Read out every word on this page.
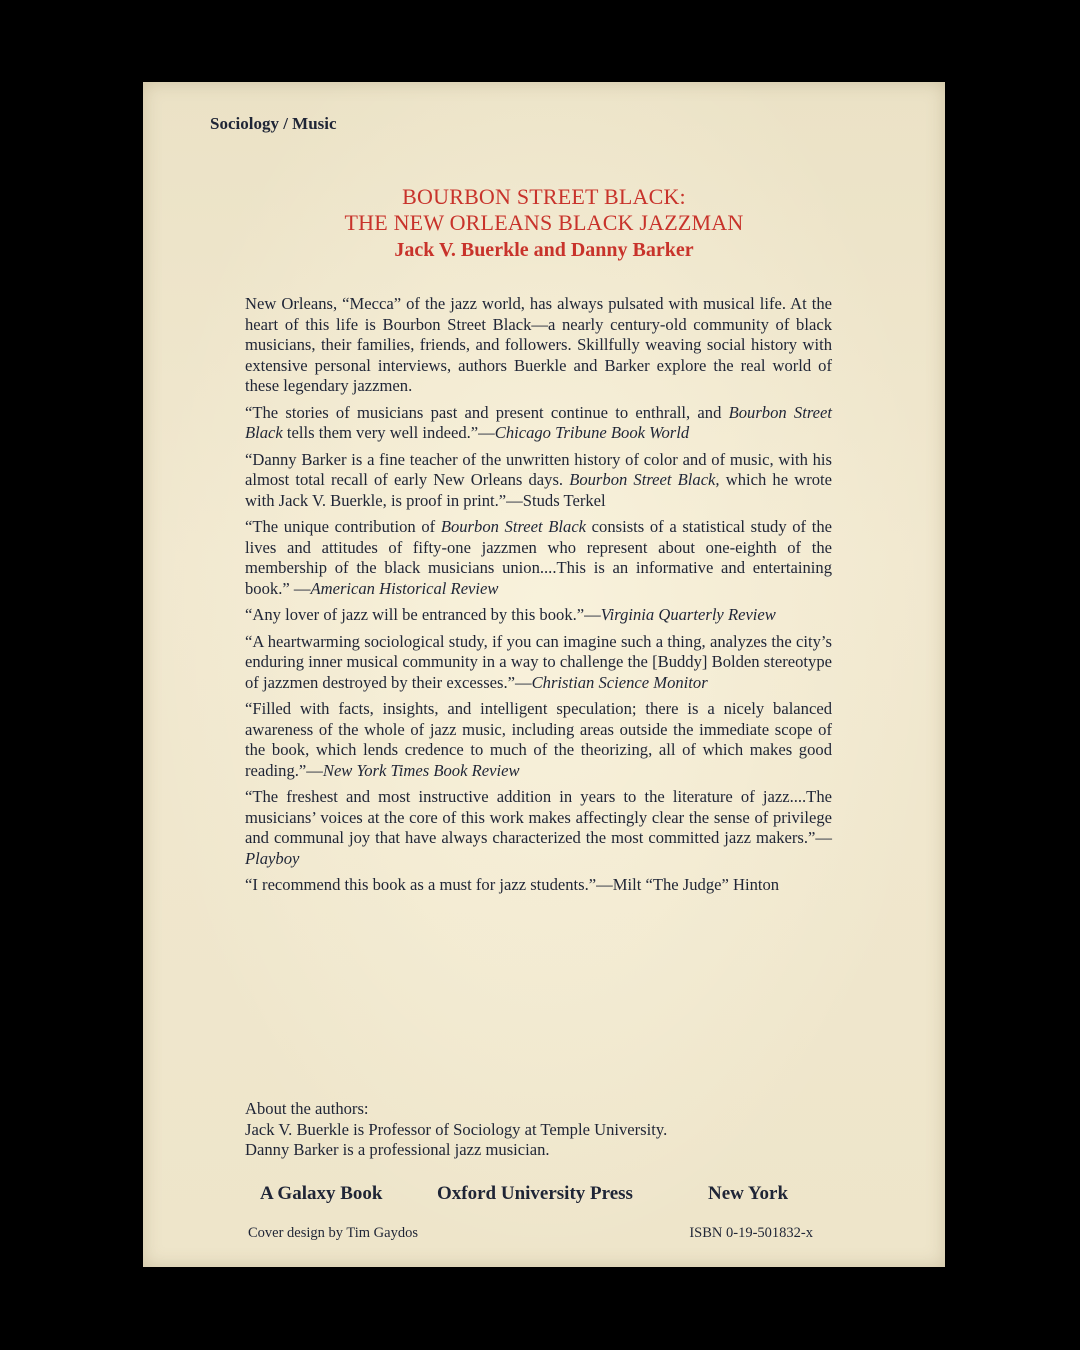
Sociology / Music
BOURBON STREET BLACK:
THE NEW ORLEANS BLACK JAZZMAN
Jack V. Buerkle and Danny Barker

New Orleans, “Mecca” of the jazz world, has always pulsated with musical life. At the heart of this life is Bourbon Street Black—a nearly century-old community of black musicians, their families, friends, and followers. Skillfully weaving social history with extensive personal interviews, authors Buerkle and Barker explore the real world of these legendary jazzmen.

“The stories of musicians past and present continue to enthrall, and Bourbon Street Black tells them very well indeed.”—Chicago Tribune Book World

“Danny Barker is a fine teacher of the unwritten history of color and of music, with his almost total recall of early New Orleans days. Bourbon Street Black, which he wrote with Jack V. Buerkle, is proof in print.”—Studs Terkel

“The unique contribution of Bourbon Street Black consists of a statistical study of the lives and attitudes of fifty-one jazzmen who represent about one-eighth of the membership of the black musicians union....This is an informative and entertaining book.” —American Historical Review

“Any lover of jazz will be entranced by this book.”—Virginia Quarterly Review

“A heartwarming sociological study, if you can imagine such a thing, analyzes the city’s enduring inner musical community in a way to challenge the [Buddy] Bolden stereotype of jazzmen destroyed by their excesses.”—Christian Science Monitor

“Filled with facts, insights, and intelligent speculation; there is a nicely balanced awareness of the whole of jazz music, including areas outside the immediate scope of the book, which lends credence to much of the theorizing, all of which makes good reading.”—New York Times Book Review

“The freshest and most instructive addition in years to the literature of jazz....The musicians’ voices at the core of this work makes affectingly clear the sense of privilege and communal joy that have always characterized the most committed jazz makers.”—Playboy

“I recommend this book as a must for jazz students.”—Milt “The Judge” Hinton

About the authors:
Jack V. Buerkle is Professor of Sociology at Temple University.
Danny Barker is a professional jazz musician.
A Galaxy Book	Oxford University Press	New York
Cover design by Tim Gaydos	ISBN 0-19-501832-x
